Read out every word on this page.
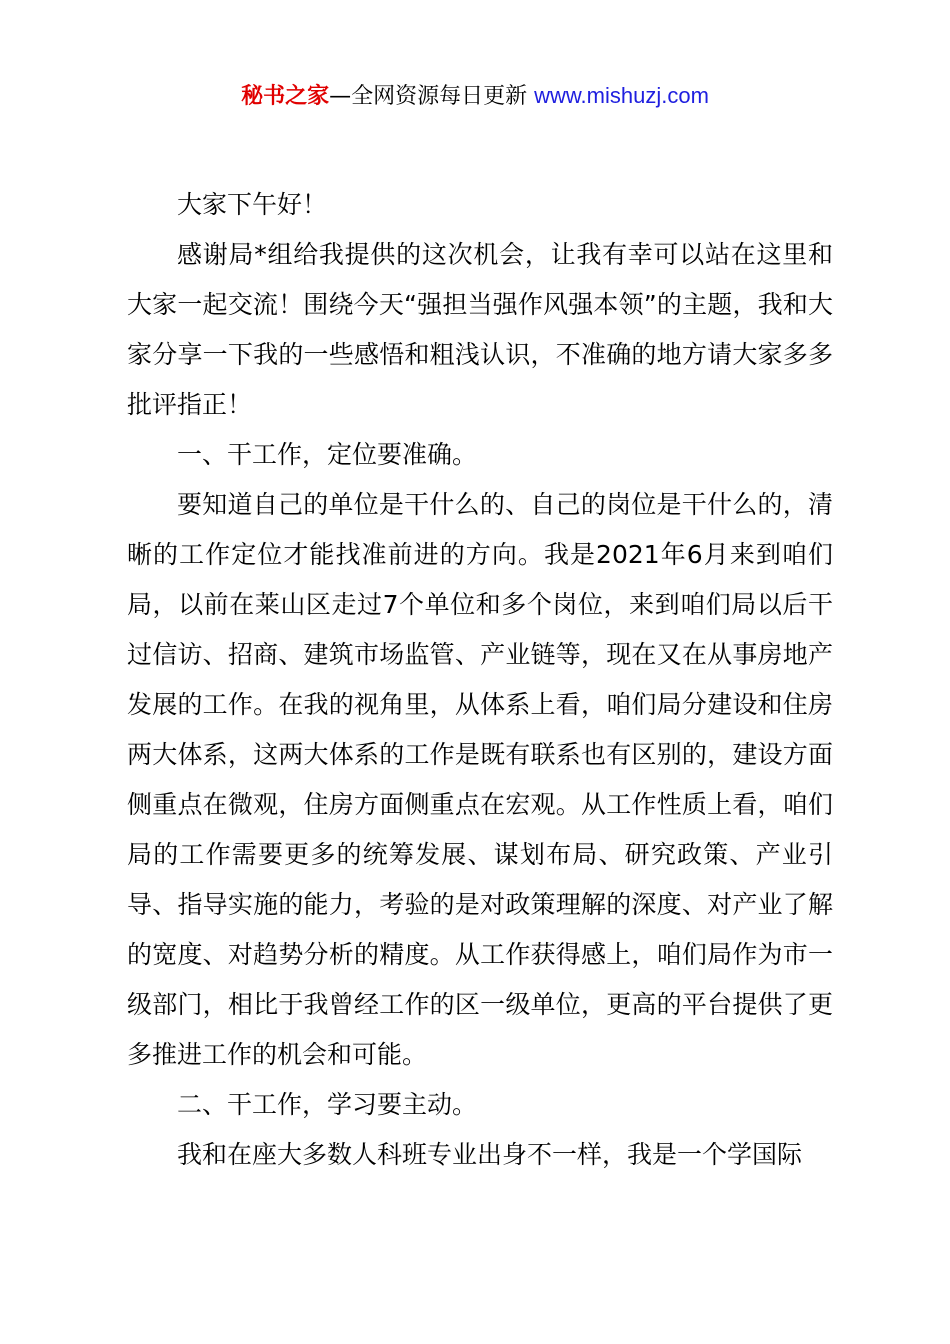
秘书之家—全网资源每日更新 www.mishuzj.com

大家下午好！

感谢局*组给我提供的这次机会，让我有幸可以站在这里和大家一起交流！围绕今天“强担当强作风强本领”的主题，我和大家分享一下我的一些感悟和粗浅认识，不准确的地方请大家多多批评指正！

一、干工作，定位要准确。

要知道自己的单位是干什么的、自己的岗位是干什么的，清晰的工作定位才能找准前进的方向。我是2021年6月来到咱们局，以前在莱山区走过7个单位和多个岗位，来到咱们局以后干过信访、招商、建筑市场监管、产业链等，现在又在从事房地产发展的工作。在我的视角里，从体系上看，咱们局分建设和住房两大体系，这两大体系的工作是既有联系也有区别的，建设方面侧重点在微观，住房方面侧重点在宏观。从工作性质上看，咱们局的工作需要更多的统筹发展、谋划布局、研究政策、产业引导、指导实施的能力，考验的是对政策理解的深度、对产业了解的宽度、对趋势分析的精度。从工作获得感上，咱们局作为市一级部门，相比于我曾经工作的区一级单位，更高的平台提供了更多推进工作的机会和可能。

二、干工作，学习要主动。

我和在座大多数人科班专业出身不一样，我是一个学国际
